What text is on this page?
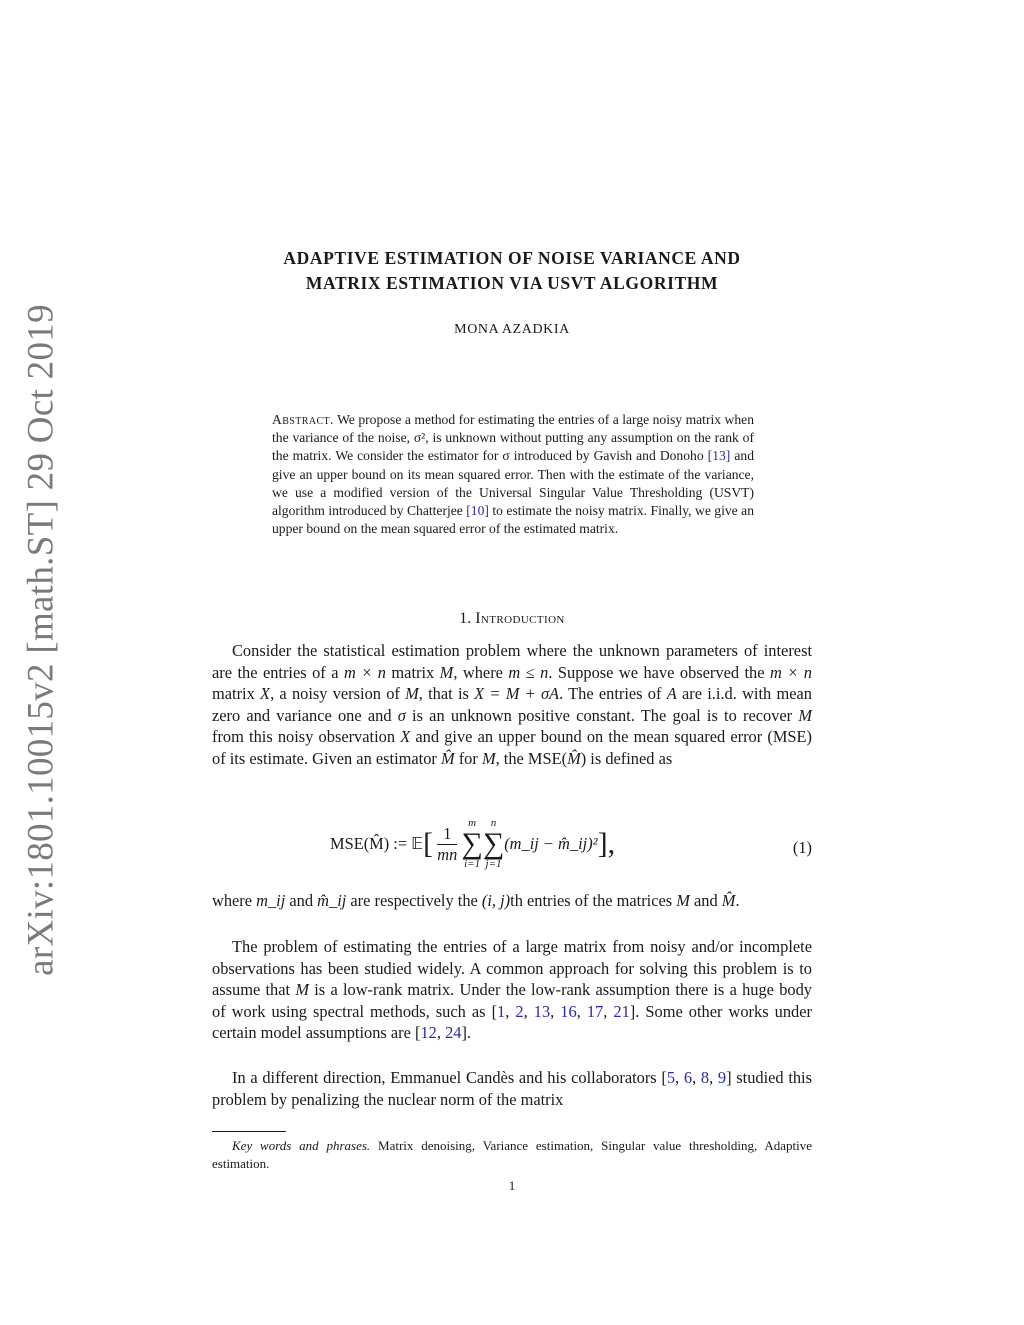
arXiv:1801.10015v2 [math.ST] 29 Oct 2019
ADAPTIVE ESTIMATION OF NOISE VARIANCE AND
MATRIX ESTIMATION VIA USVT ALGORITHM
MONA AZADKIA
Abstract. We propose a method for estimating the entries of a large noisy matrix when the variance of the noise, σ², is unknown without putting any assumption on the rank of the matrix. We consider the estimator for σ introduced by Gavish and Donoho [13] and give an upper bound on its mean squared error. Then with the estimate of the variance, we use a modified version of the Universal Singular Value Thresholding (USVT) algorithm introduced by Chatterjee [10] to estimate the noisy matrix. Finally, we give an upper bound on the mean squared error of the estimated matrix.
1. Introduction

Consider the statistical estimation problem where the unknown parameters of interest are the entries of a m × n matrix M, where m ≤ n. Suppose we have observed the m × n matrix X, a noisy version of M, that is X = M + σA. The entries of A are i.i.d. with mean zero and variance one and σ is an unknown positive constant. The goal is to recover M from this noisy observation X and give an upper bound on the mean squared error (MSE) of its estimate. Given an estimator M̂ for M, the MSE(M̂) is defined as

MSE(M̂) := 𝔼[ $\frac{1}{mn}$

m
∑
i=1
n
∑
j=1
(m_ij − m̂_ij)²],	(1)

where m_ij and m̂_ij are respectively the (i, j)th entries of the matrices M and M̂.

The problem of estimating the entries of a large matrix from noisy and/or incomplete observations has been studied widely. A common approach for solving this problem is to assume that M is a low-rank matrix. Under the low-rank assumption there is a huge body of work using spectral methods, such as [1, 2, 13, 16, 17, 21]. Some other works under certain model assumptions are [12, 24].

In a different direction, Emmanuel Candès and his collaborators [5, 6, 8, 9] studied this problem by penalizing the nuclear norm of the matrix

Key words and phrases. Matrix denoising, Variance estimation, Singular value thresholding, Adaptive estimation.

1
